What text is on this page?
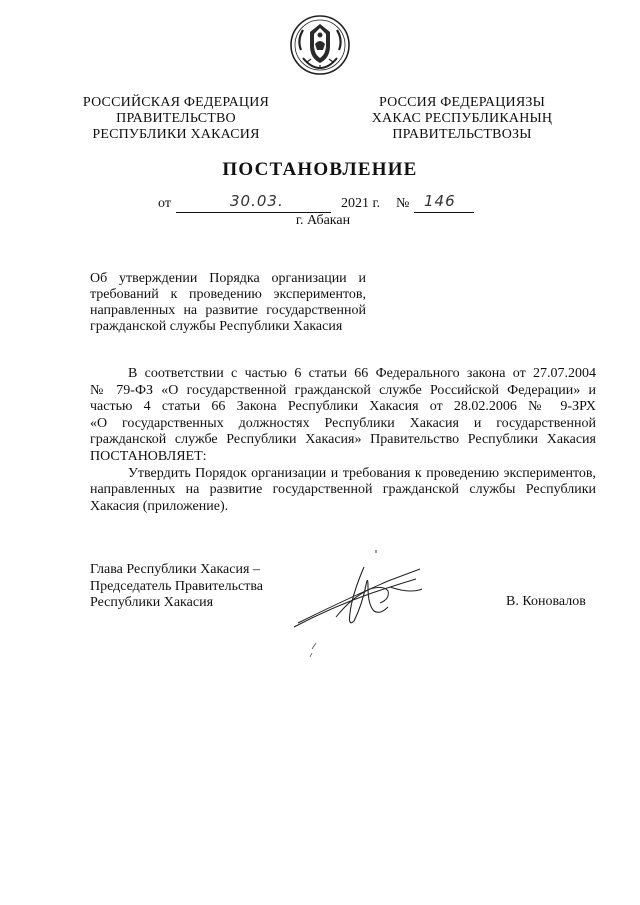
РОССИЙСКАЯ ФЕДЕРАЦИЯ
ПРАВИТЕЛЬСТВО
РЕСПУБЛИКИ ХАКАСИЯ
РОССИЯ ФЕДЕРАЦИЯЗЫ
ХАКАС РЕСПУБЛИКАНЫҢ
ПРАВИТЕЛЬСТВОЗЫ
ПОСТАНОВЛЕНИЕ
от	30.03.	2021 г. № 146
г. Абакан
Об утверждении Порядка организации и
требований к проведению экспериментов,
направленных на развитие государственной
гражданской службы Республики Хакасия
В соответствии с частью 6 статьи 66 Федерального закона от 27.07.2004
№ 79-ФЗ «О государственной гражданской службе Российской Федерации» и
частью 4 статьи 66 Закона Республики Хакасия от 28.02.2006 № 9-ЗРХ
«О государственных должностях Республики Хакасия и государственной
гражданской службе Республики Хакасия» Правительство Республики Хакасия
ПОСТАНОВЛЯЕТ:
Утвердить Порядок организации и требования к проведению экспериментов,
направленных на развитие государственной гражданской службы Республики
Хакасия (приложение).
Глава Республики Хакасия –
Председатель Правительства
Республики Хакасия	В. Коновалов
